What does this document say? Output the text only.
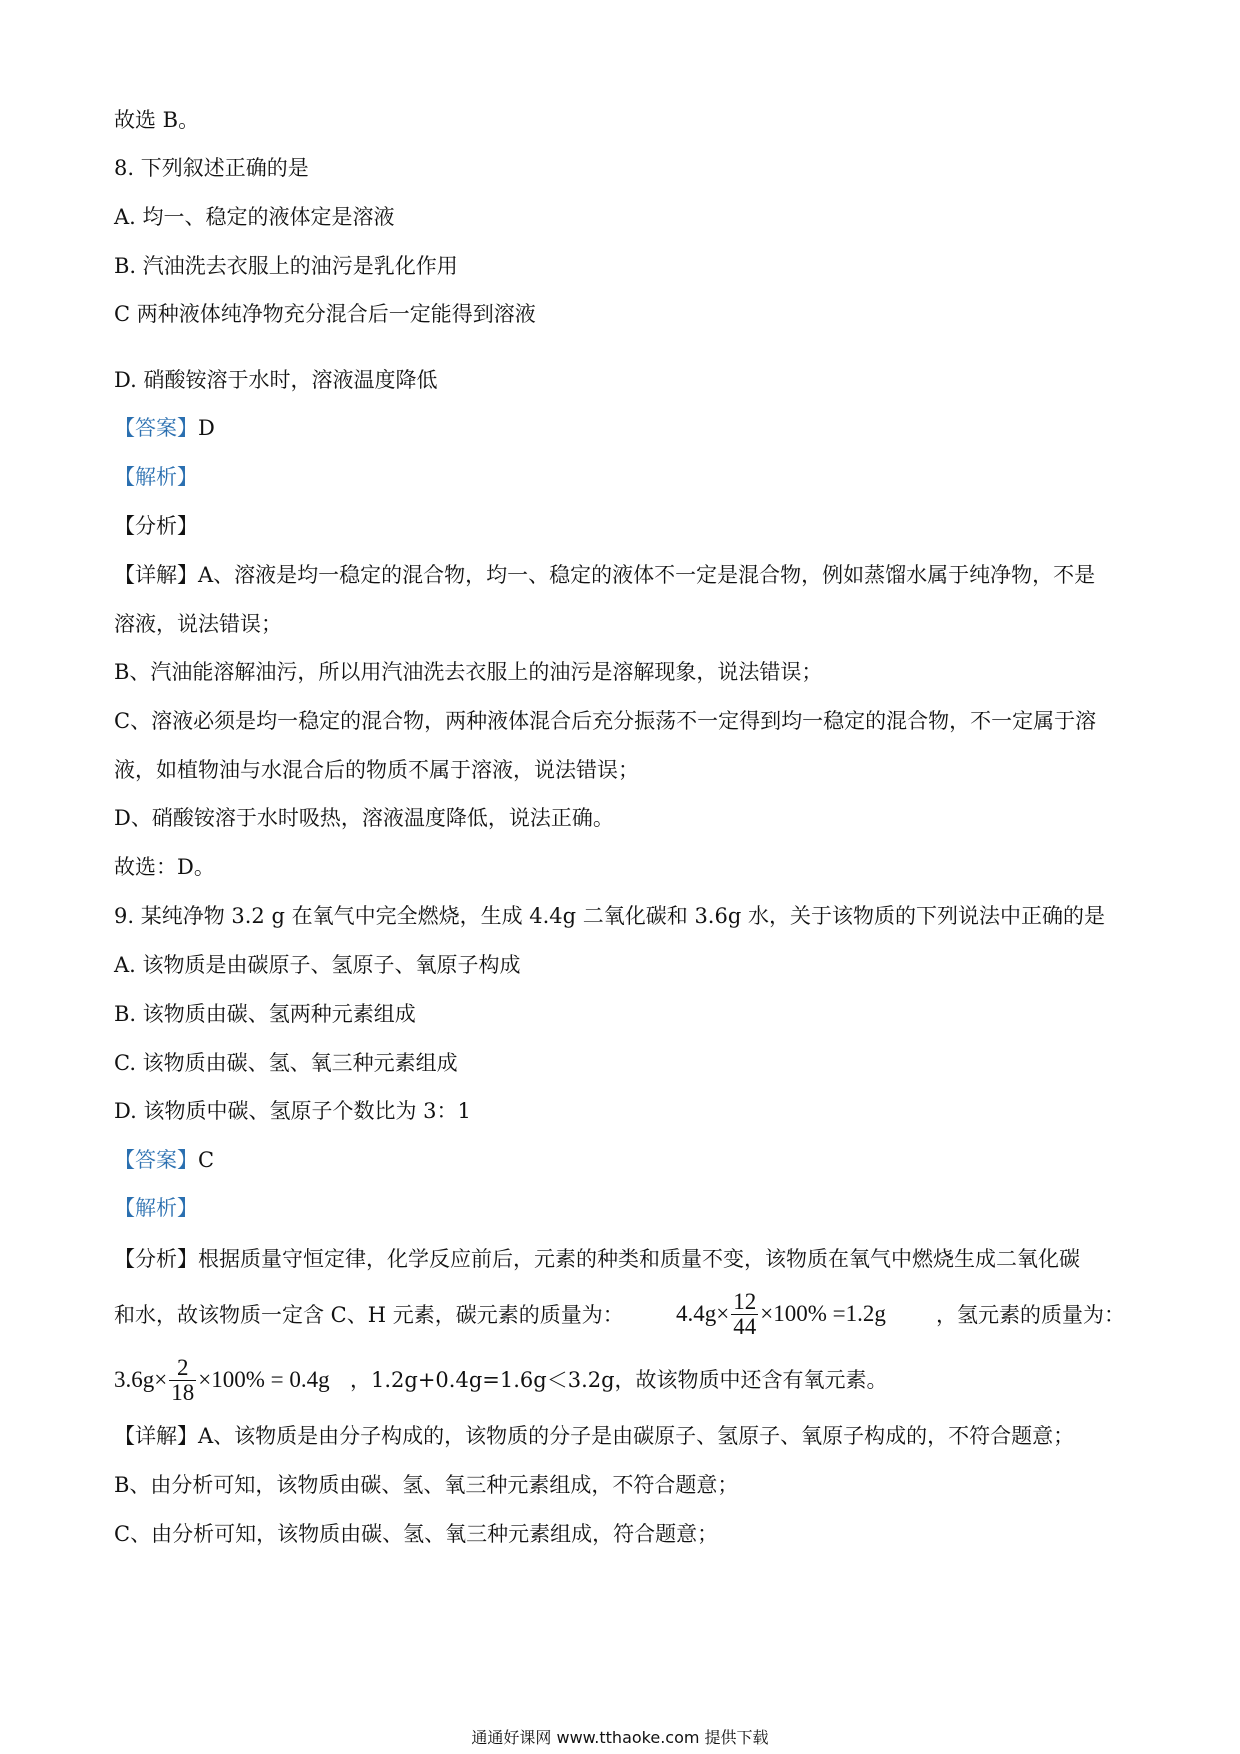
故选 B。
8. 下列叙述正确的是
A. 均一、稳定的液体定是溶液
B. 汽油洗去衣服上的油污是乳化作用
C 两种液体纯净物充分混合后一定能得到溶液
D. 硝酸铵溶于水时，溶液温度降低
【答案】D
【解析】
【分析】
【详解】A、溶液是均一稳定的混合物，均一、稳定的液体不一定是混合物，例如蒸馏水属于纯净物，不是
溶液，说法错误；
B、汽油能溶解油污，所以用汽油洗去衣服上的油污是溶解现象，说法错误；
C、溶液必须是均一稳定的混合物，两种液体混合后充分振荡不一定得到均一稳定的混合物，不一定属于溶
液，如植物油与水混合后的物质不属于溶液，说法错误；
D、硝酸铵溶于水时吸热，溶液温度降低，说法正确。
故选：D。
9. 某纯净物 3.2 g 在氧气中完全燃烧，生成 4.4g 二氧化碳和 3.6g 水，关于该物质的下列说法中正确的是
A. 该物质是由碳原子、氢原子、氧原子构成
B. 该物质由碳、氢两种元素组成
C. 该物质由碳、氢、氧三种元素组成
D. 该物质中碳、氢原子个数比为 3：1
【答案】C
【解析】
【分析】根据质量守恒定律，化学反应前后，元素的种类和质量不变，该物质在氧气中燃烧生成二氧化碳
和水，故该物质一定含 C、H 元素，碳元素的质量为： $4.4g\times \frac{12}{44} \times 100\% =1.2g$ ，氢元素的质量为：
$3.6g\times \frac{2}{18} \times 100\% = 0.4g$ ，1.2g+0.4g=1.6g＜3.2g，故该物质中还含有氧元素。
【详解】A、该物质是由分子构成的，该物质的分子是由碳原子、氢原子、氧原子构成的，不符合题意；
B、由分析可知，该物质由碳、氢、氧三种元素组成，不符合题意；
C、由分析可知，该物质由碳、氢、氧三种元素组成，符合题意；
通通好课网 www.tthaoke.com 提供下载
